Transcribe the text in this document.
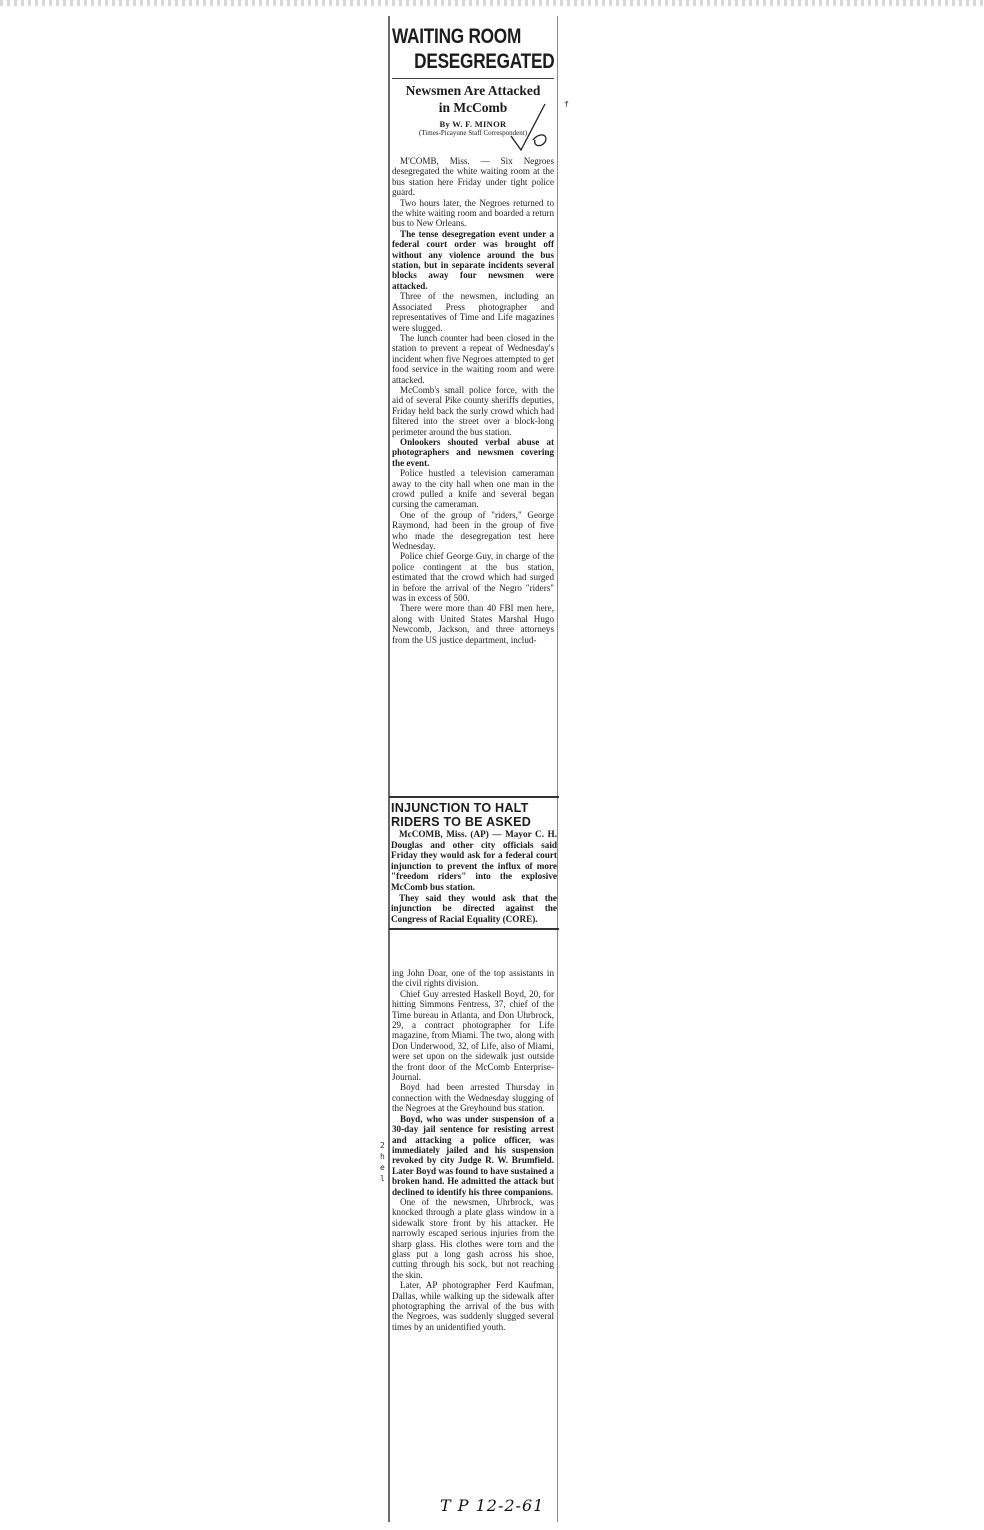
WAITING ROOM
DESEGREGATED

Newsmen Are Attacked
in McComb

By W. F. MINOR

(Times-Picayune Staff Correspondent)

M'COMB, Miss. — Six Negroes desegregated the white waiting room at the bus station here Friday under tight police guard.

Two hours later, the Negroes returned to the white waiting room and boarded a return bus to New Orleans.

The tense desegregation event under a federal court order was brought off without any violence around the bus station, but in separate incidents several blocks away four newsmen were attacked.

Three of the newsmen, including an Associated Press photographer and representatives of Time and Life magazines were slugged.

The lunch counter had been closed in the station to prevent a repeat of Wednesday's incident when five Negroes attempted to get food service in the waiting room and were attacked.

McComb's small police force, with the aid of several Pike county sheriffs deputies, Friday held back the surly crowd which had filtered into the street over a block-long perimeter around the bus station.

Onlookers shouted verbal abuse at photographers and newsmen covering the event.

Police hustled a television cameraman away to the city hall when one man in the crowd pulled a knife and several began cursing the cameraman.

One of the group of "riders," George Raymond, had been in the group of five who made the desegregation test here Wednesday.

Police chief George Guy, in charge of the police contingent at the bus station, estimated that the crowd which had surged in before the arrival of the Negro "riders" was in excess of 500.

There were more than 40 FBI men here, along with United States Marshal Hugo Newcomb, Jackson, and three attorneys from the US justice department, includ-

INJUNCTION TO HALT
RIDERS TO BE ASKED

McCOMB, Miss. (AP) — Mayor C. H. Douglas and other city officials said Friday they would ask for a federal court injunction to prevent the influx of more "freedom riders" into the explosive McComb bus station.

They said they would ask that the injunction be directed against the Congress of Racial Equality (CORE).

ing John Doar, one of the top assistants in the civil rights division.

Chief Guy arrested Haskell Boyd, 20, for hitting Simmons Fentress, 37, chief of the Time bureau in Atlanta, and Don Uhrbrock, 29, a contract photographer for Life magazine, from Miami. The two, along with Don Underwood, 32, of Life, also of Miami, were set upon on the sidewalk just outside the front door of the McComb Enterprise-Journal.

Boyd had been arrested Thursday in connection with the Wednesday slugging of the Negroes at the Greyhound bus station.

Boyd, who was under suspension of a 30-day jail sentence for resisting arrest and attacking a police officer, was immediately jailed and his suspension revoked by city Judge R. W. Brumfield. Later Boyd was found to have sustained a broken hand. He admitted the attack but declined to identify his three companions.

One of the newsmen, Uhrbrock, was knocked through a plate glass window in a sidewalk store front by his attacker. He narrowly escaped serious injuries from the sharp glass. His clothes were torn and the glass put a long gash across his shoe, cutting through his sock, but not reaching the skin.

Later, AP photographer Ferd Kaufman, Dallas, while walking up the sidewalk after photographing the arrival of the bus with the Negroes, was suddenly slugged several times by an unidentified youth.

2
h
e
l
f
T P 12-2-61
